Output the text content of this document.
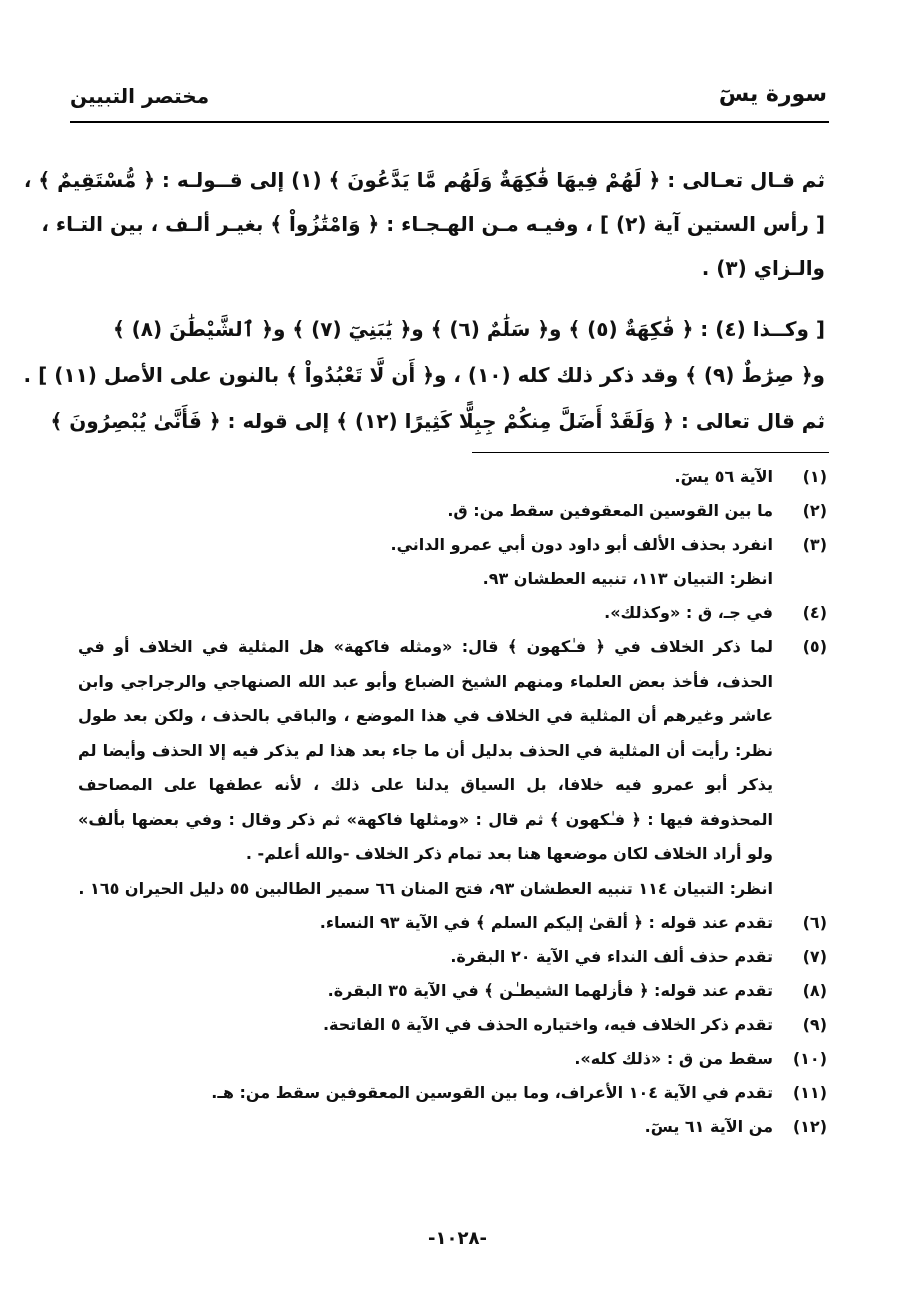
سورة يسٓ
مختصر التبيين
ثم قـال تعـالى : ﴿ لَهُمْ فِيهَا فَٰكِهَةٌ وَلَهُم مَّا يَدَّعُونَ ﴾ (١) إلى قــولـه : ﴿ مُّسْتَقِيمٌ ﴾ ،
[ رأس الستين آية (٢) ] ، وفيـه مـن الهـجـاء : ﴿ وَامْتَٰزُواْ ﴾ بغيـر ألـف ، بين التـاء ،
والـزاي (٣) .
[ وكــذا (٤) : ﴿ فَٰكِهَةٌ (٥) ﴾ و﴿ سَلَٰمٌ (٦) ﴾ و﴿ يَٰبَنِيٓ (٧) ﴾ و﴿ ٱلشَّيْطَٰنَ (٨) ﴾
و﴿ صِرَٰطٌ (٩) ﴾ وقد ذكر ذلك كله (١٠) ، و﴿ أَن لَّا تَعْبُدُواْ ﴾ بالنون على الأصل (١١) ] .
ثم قال تعالى : ﴿ وَلَقَدْ أَضَلَّ مِنكُمْ جِبِلًّا كَثِيرًا (١٢) ﴾ إلى قوله : ﴿ فَأَنَّىٰ يُبْصِرُونَ ﴾
(١)
الآية ٥٦ يسٓ.
(٢)
ما بين القوسين المعقوفين سقط من: ق.
(٣)
انفرد بحذف الألف أبو داود دون أبي عمرو الداني.
انظر: التبيان ١١٣، تنبيه العطشان ٩٣.
(٤)
في جـ، ق : «وكذلك».
(٥)
لما ذكر الخلاف في ﴿ فـٰكهون ﴾ قال: «ومثله فاكهة» هل المثلية في الخلاف أو في الحذف، فأخذ بعض العلماء ومنهم الشيخ الضباع وأبو عبد الله الصنهاجي والرجراجي وابن عاشر وغيرهم أن المثلية في الخلاف في هذا الموضع ، والباقي بالحذف ، ولكن بعد طول نظر: رأيت أن المثلية في الحذف بدليل أن ما جاء بعد هذا لم يذكر فيه إلا الحذف وأيضا لم يذكر أبو عمرو فيه خلافا، بل السياق يدلنا على ذلك ، لأنه عطفها على المصاحف المحذوفة فيها : ﴿ فـٰكهون ﴾ ثم قال : «ومثلها فاكهة» ثم ذكر وقال : وفي بعضها بألف» ولو أراد الخلاف لكان موضعها هنا بعد تمام ذكر الخلاف -والله أعلم- .
انظر: التبيان ١١٤ تنبيه العطشان ٩٣، فتح المنان ٦٦ سمير الطالبين ٥٥ دليل الحيران ١٦٥ .
(٦)
تقدم عند قوله : ﴿ ألقىٰ إليكم السلم ﴾ في الآية ٩٣ النساء.
(٧)
تقدم حذف ألف النداء في الآية ٢٠ البقرة.
(٨)
تقدم عند قوله: ﴿ فأزلهما الشيطـٰن ﴾ في الآية ٣٥ البقرة.
(٩)
تقدم ذكر الخلاف فيه، واختياره الحذف في الآية ٥ الفاتحة.
(١٠)
سقط من ق : «ذلك كله».
(١١)
تقدم في الآية ١٠٤ الأعراف، وما بين القوسين المعقوفين سقط من: هـ.
(١٢)
من الآية ٦١ يسٓ.
-١٠٢٨-
